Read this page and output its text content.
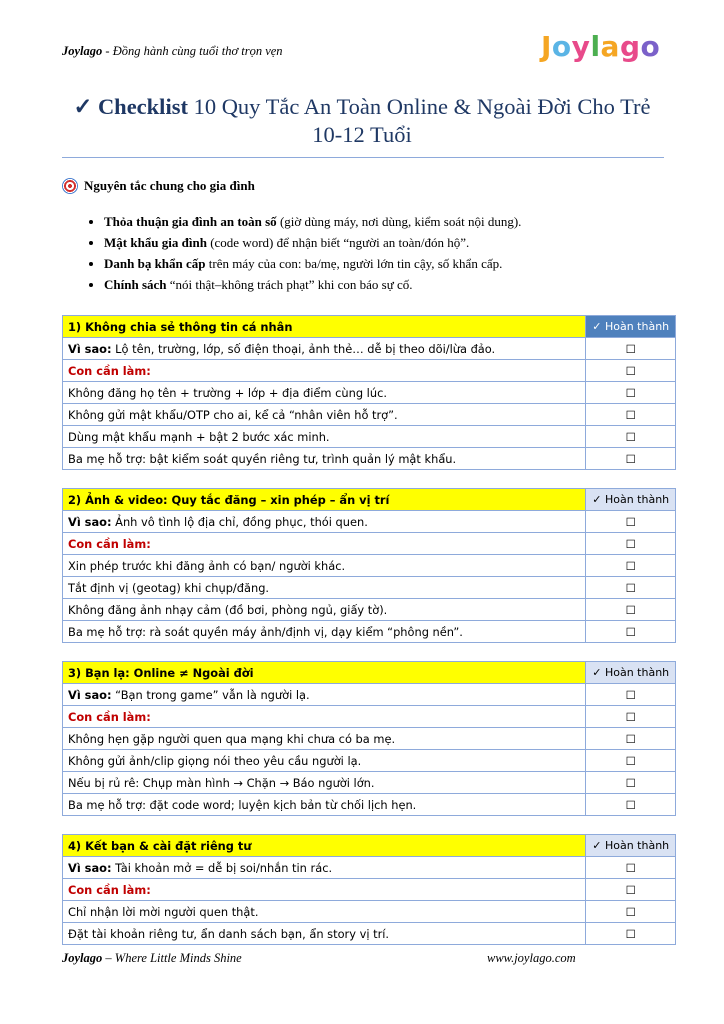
Joylago - Đồng hành cùng tuổi thơ trọn vẹn	Joylago
✓ Checklist 10 Quy Tắc An Toàn Online & Ngoài Đời Cho Trẻ 10-12 Tuổi
Nguyên tắc chung cho gia đình
• Thỏa thuận gia đình an toàn số (giờ dùng máy, nơi dùng, kiểm soát nội dung).
• Mật khẩu gia đình (code word) để nhận biết “người an toàn/đón hộ”.
• Danh bạ khẩn cấp trên máy của con: ba/mẹ, người lớn tin cậy, số khẩn cấp.
• Chính sách “nói thật–không trách phạt” khi con báo sự cố.
1) Không chia sẻ thông tin cá nhân	✓ Hoàn thành
Vì sao: Lộ tên, trường, lớp, số điện thoại, ảnh thẻ… dễ bị theo dõi/lừa đảo.	☐
Con cần làm:	☐
Không đăng họ tên + trường + lớp + địa điểm cùng lúc.	☐
Không gửi mật khẩu/OTP cho ai, kể cả “nhân viên hỗ trợ”.	☐
Dùng mật khẩu mạnh + bật 2 bước xác minh.	☐
Ba mẹ hỗ trợ: bật kiểm soát quyền riêng tư, trình quản lý mật khẩu.	☐
2) Ảnh & video: Quy tắc đăng – xin phép – ẩn vị trí	✓ Hoàn thành
Vì sao: Ảnh vô tình lộ địa chỉ, đồng phục, thói quen.	☐
Con cần làm:	☐
Xin phép trước khi đăng ảnh có bạn/ người khác.	☐
Tắt định vị (geotag) khi chụp/đăng.	☐
Không đăng ảnh nhạy cảm (đồ bơi, phòng ngủ, giấy tờ).	☐
Ba mẹ hỗ trợ: rà soát quyền máy ảnh/định vị, dạy kiểm “phông nền”.	☐
3) Bạn lạ: Online ≠ Ngoài đời	✓ Hoàn thành
Vì sao: “Bạn trong game” vẫn là người lạ.	☐
Con cần làm:	☐
Không hẹn gặp người quen qua mạng khi chưa có ba mẹ.	☐
Không gửi ảnh/clip giọng nói theo yêu cầu người lạ.	☐
Nếu bị rủ rê: Chụp màn hình → Chặn → Báo người lớn.	☐
Ba mẹ hỗ trợ: đặt code word; luyện kịch bản từ chối lịch hẹn.	☐
4) Kết bạn & cài đặt riêng tư	✓ Hoàn thành
Vì sao: Tài khoản mở = dễ bị soi/nhắn tin rác.	☐
Con cần làm:	☐
Chỉ nhận lời mời người quen thật.	☐
Đặt tài khoản riêng tư, ẩn danh sách bạn, ẩn story vị trí.	☐
Joylago – Where Little Minds Shine	www.joylago.com
